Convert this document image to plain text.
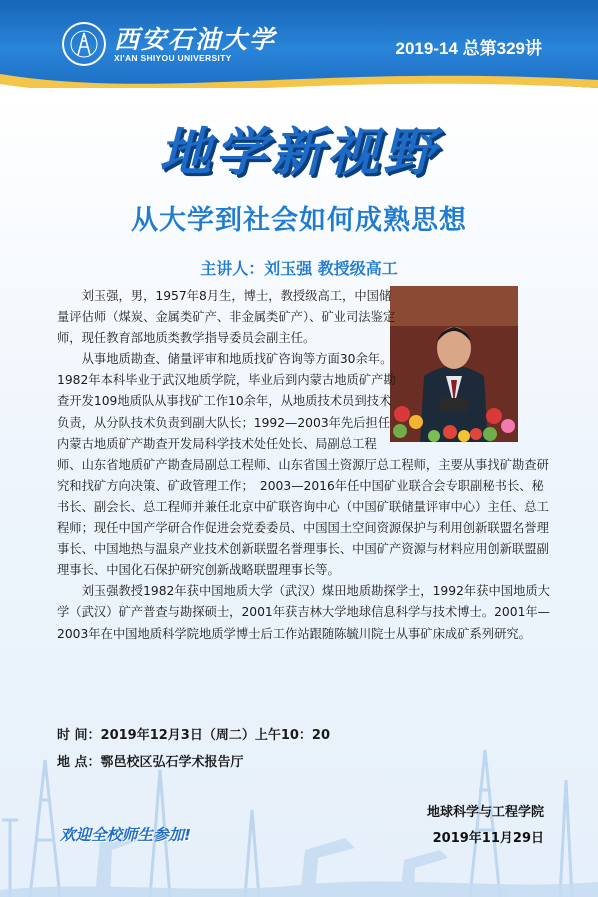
西安石油大学
XI'AN SHIYOU UNIVERSITY	2019-14 总第329讲
地学新视野
从大学到社会如何成熟思想
主讲人：刘玉强 教授级高工

刘玉强，男，1957年8月生，博士，教授级高工，中国储量评估师（煤炭、金属类矿产、非金属类矿产）、矿业司法鉴定师，现任教育部地质类教学指导委员会副主任。

从事地质勘查、储量评审和地质找矿咨询等方面30余年。1982年本科毕业于武汉地质学院，毕业后到内蒙古地质矿产勘查开发109地质队从事找矿工作10余年，从地质技术员到技术负责，从分队技术负责到副大队长；1992—2003年先后担任内蒙古地质矿产勘查开发局科学技术处任处长、局副总工程师、山东省地质矿产勘查局副总工程师、山东省国土资源厅总工程师，主要从事找矿勘查研究和找矿方向决策、矿政管理工作；　2003—2016年任中国矿业联合会专职副秘书长、秘书长、副会长、总工程师并兼任北京中矿联咨询中心（中国矿联储量评审中心）主任、总工程师；现任中国产学研合作促进会党委委员、中国国土空间资源保护与利用创新联盟名誉理事长、中国地热与温泉产业技术创新联盟名誉理事长、中国矿产资源与材料应用创新联盟副理事长、中国化石保护研究创新战略联盟理事长等。

刘玉强教授1982年获中国地质大学（武汉）煤田地质勘探学士，1992年获中国地质大学（武汉）矿产普查与勘探硕士，2001年获吉林大学地球信息科学与技术博士。2001年—2003年在中国地质科学院地质学博士后工作站跟随陈毓川院士从事矿床成矿系列研究。

时 间：2019年12月3日（周二）上午10：20
地 点：鄠邑校区弘石学术报告厅
欢迎全校师生参加!
地球科学与工程学院
2019年11月29日
